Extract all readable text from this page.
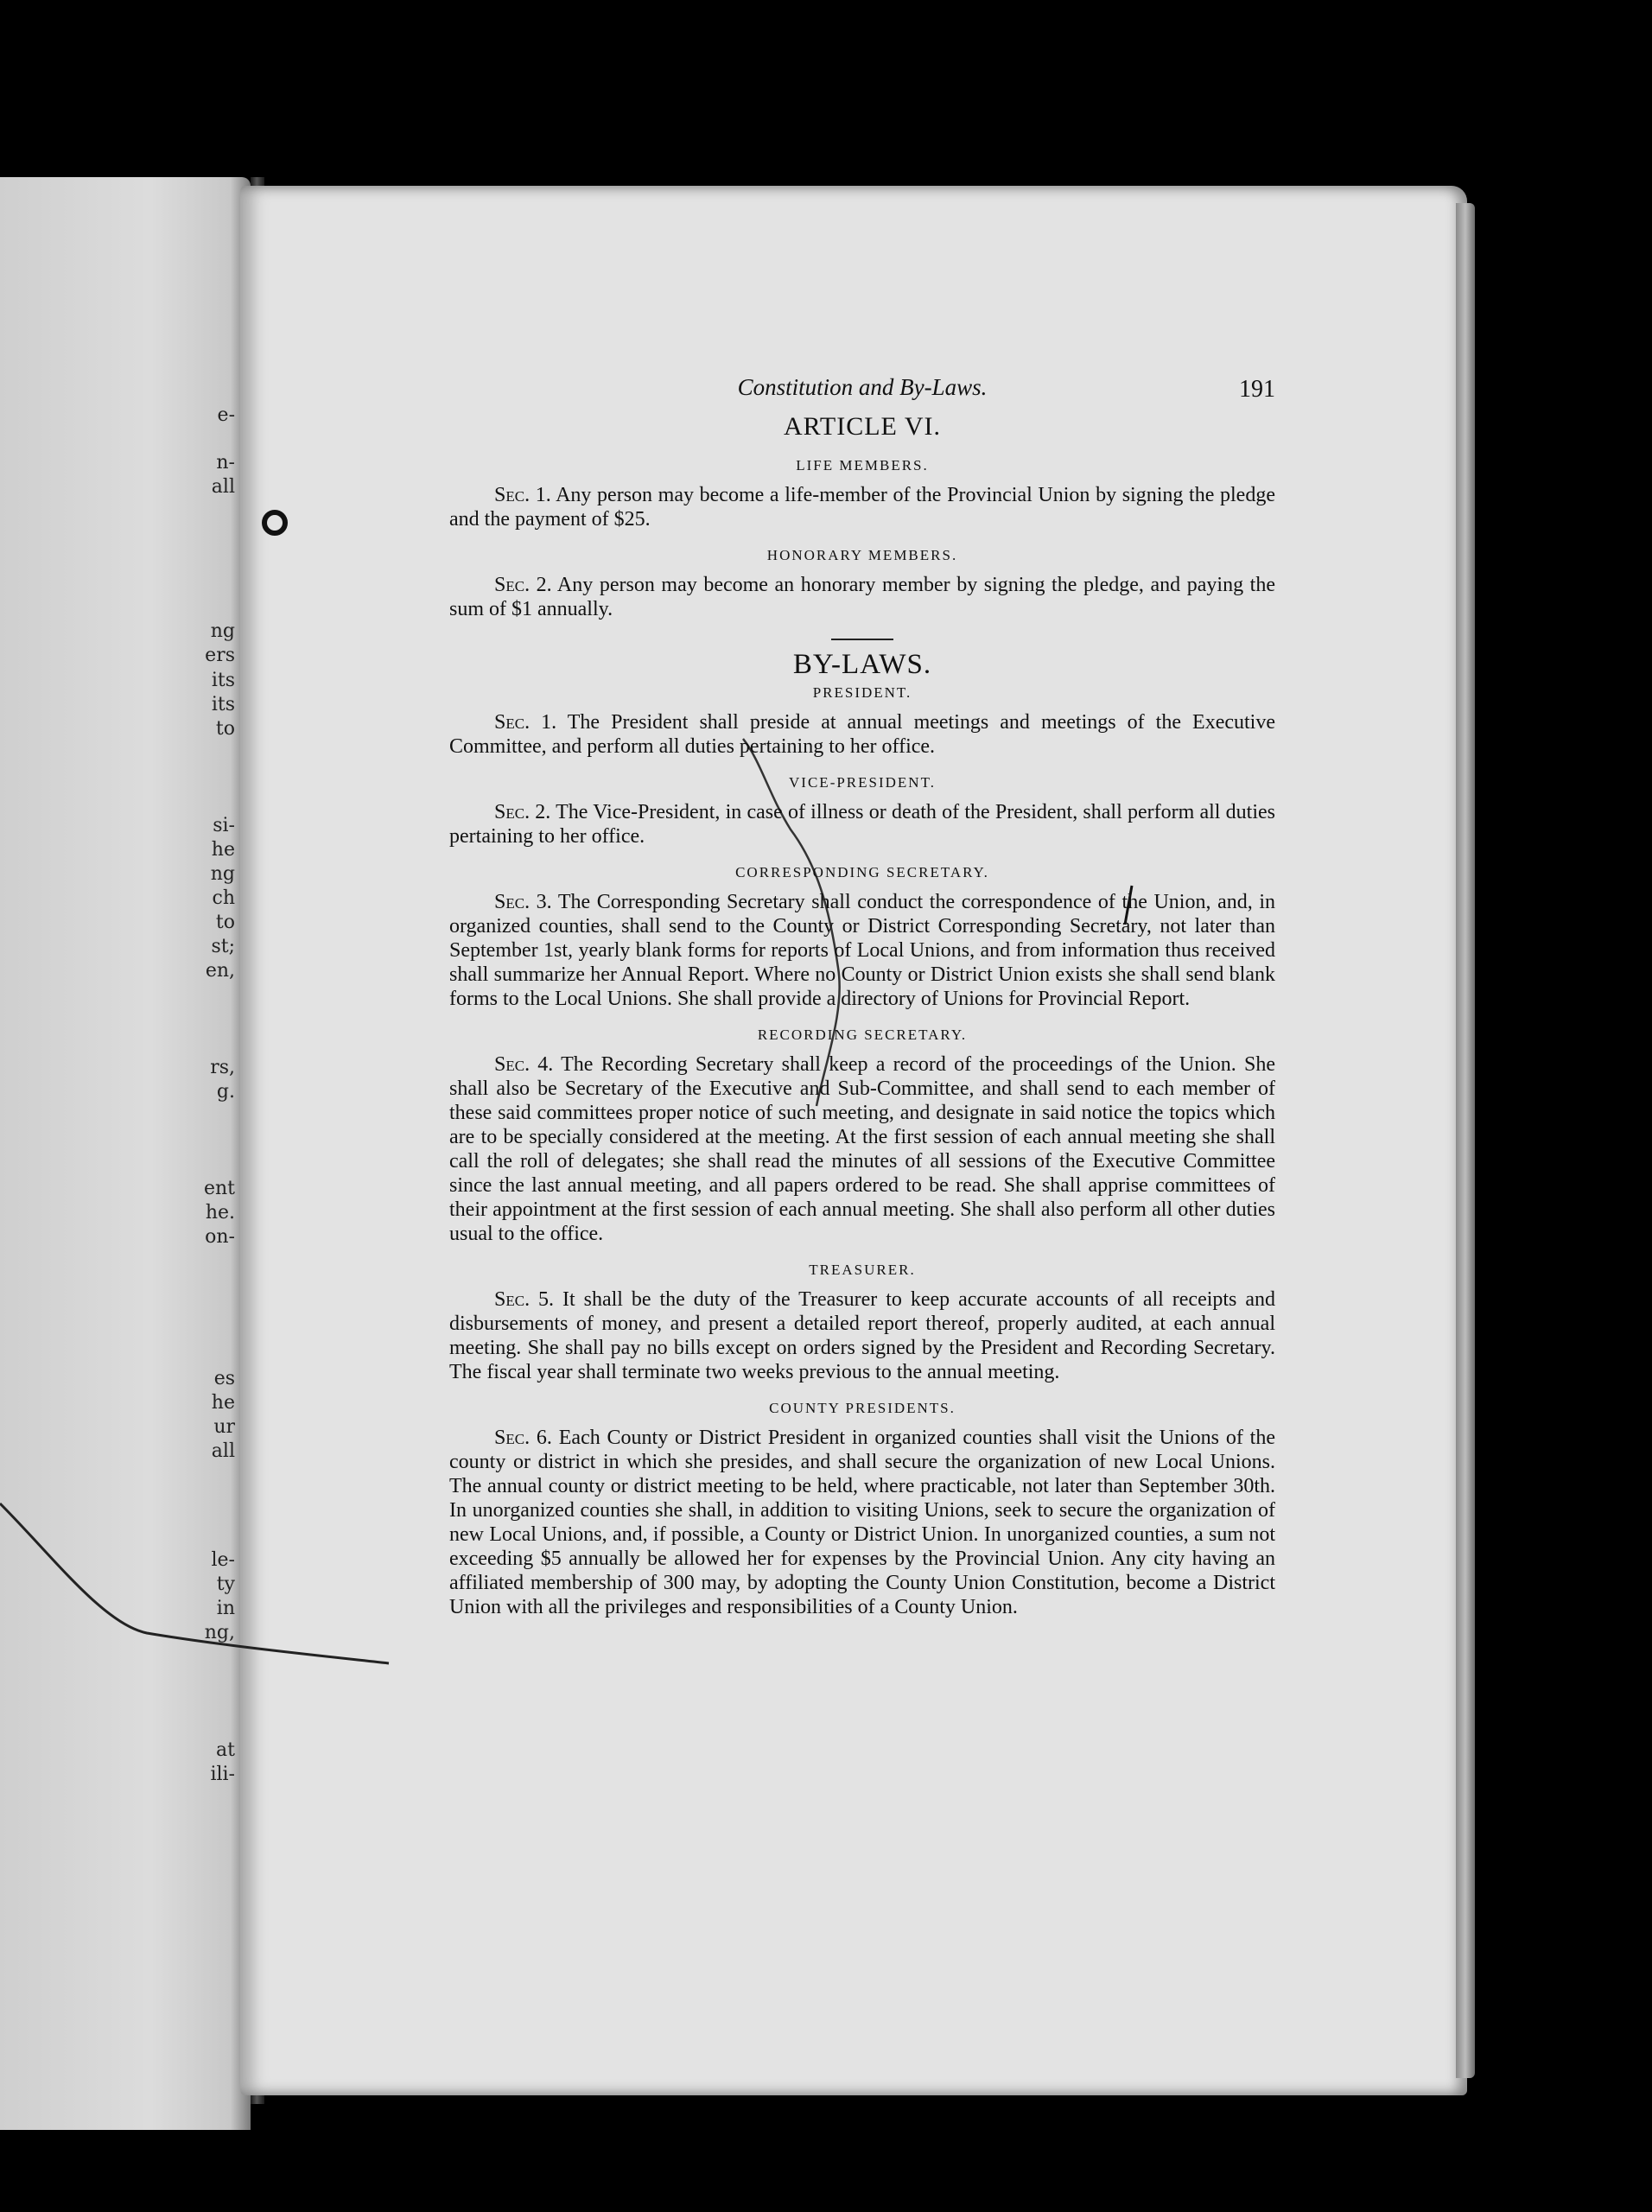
e-
n-
all
ng
ers
its
its
to
si-
he
ng
ch
to
st;
en,
rs,
g.
ent
he.
on-
es
he
ur
all
le-
ty
in
ng,
at
ili-
Constitution and By-Laws.	191
ARTICLE VI.
LIFE MEMBERS.

Sec. 1. Any person may become a life-member of the Provincial Union by signing the pledge and the payment of $25.

HONORARY MEMBERS.

Sec. 2. Any person may become an honorary member by signing the pledge, and paying the sum of $1 annually.

BY-LAWS.
PRESIDENT.

Sec. 1. The President shall preside at annual meetings and meetings of the Executive Committee, and perform all duties pertaining to her office.

VICE-PRESIDENT.

Sec. 2. The Vice-President, in case of illness or death of the President, shall perform all duties pertaining to her office.

CORRESPONDING SECRETARY.

Sec. 3. The Corresponding Secretary shall conduct the correspondence of the Union, and, in organized counties, shall send to the County or District Corresponding Secretary, not later than September 1st, yearly blank forms for reports of Local Unions, and from information thus received shall summarize her Annual Report. Where no County or District Union exists she shall send blank forms to the Local Unions. She shall provide a directory of Unions for Provincial Report.

RECORDING SECRETARY.

Sec. 4. The Recording Secretary shall keep a record of the proceedings of the Union. She shall also be Secretary of the Executive and Sub-Committee, and shall send to each member of these said committees proper notice of such meeting, and designate in said notice the topics which are to be specially considered at the meeting. At the first session of each annual meeting she shall call the roll of delegates; she shall read the minutes of all sessions of the Executive Committee since the last annual meeting, and all papers ordered to be read. She shall apprise committees of their appointment at the first session of each annual meeting. She shall also perform all other duties usual to the office.

TREASURER.

Sec. 5. It shall be the duty of the Treasurer to keep accurate accounts of all receipts and disbursements of money, and present a detailed report thereof, properly audited, at each annual meeting. She shall pay no bills except on orders signed by the President and Recording Secretary. The fiscal year shall terminate two weeks previous to the annual meeting.

COUNTY PRESIDENTS.

Sec. 6. Each County or District President in organized counties shall visit the Unions of the county or district in which she presides, and shall secure the organization of new Local Unions. The annual county or district meeting to be held, where practicable, not later than September 30th. In unorganized counties she shall, in addition to visiting Unions, seek to secure the organization of new Local Unions, and, if possible, a County or District Union. In unorganized counties, a sum not exceeding $5 annually be allowed her for expenses by the Provincial Union. Any city having an affiliated membership of 300 may, by adopting the County Union Constitution, become a District Union with all the privileges and responsibilities of a County Union.
